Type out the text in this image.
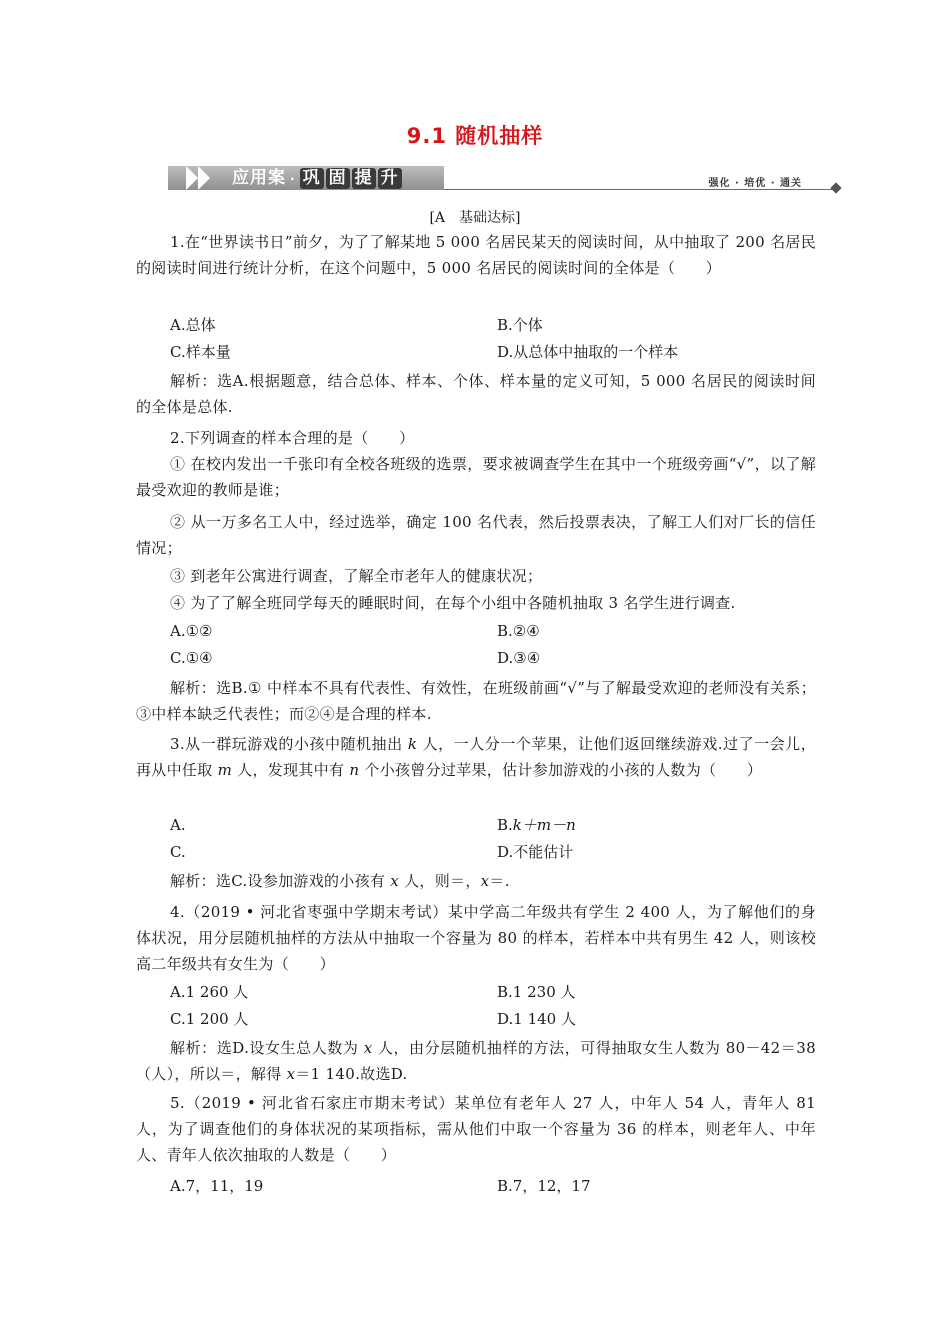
9.1 随机抽样
应用案 · 巩 固 提 升	强化 · 培优 · 通关
[A　基础达标]
1.在“世界读书日”前夕，为了了解某地 5 000 名居民某天的阅读时间，从中抽取了 200 名居民的阅读时间进行统计分析，在这个问题中，5 000 名居民的阅读时间的全体是（　　）
A.总体	B.个体
C.样本量	D.从总体中抽取的一个样本
解析：选A.根据题意，结合总体、样本、个体、样本量的定义可知，5 000 名居民的阅读时间的全体是总体.
2.下列调查的样本合理的是（　　）
① 在校内发出一千张印有全校各班级的选票，要求被调查学生在其中一个班级旁画“√”，以了解最受欢迎的教师是谁；
② 从一万多名工人中，经过选举，确定 100 名代表，然后投票表决，了解工人们对厂长的信任情况；
③ 到老年公寓进行调查，了解全市老年人的健康状况；
④ 为了了解全班同学每天的睡眠时间，在每个小组中各随机抽取 3 名学生进行调查.
A.①②	B.②④
C.①④	D.③④
解析：选B.① 中样本不具有代表性、有效性，在班级前画“√”与了解最受欢迎的老师没有关系；③中样本缺乏代表性；而②④是合理的样本.
3.从一群玩游戏的小孩中随机抽出 k 人，一人分一个苹果，让他们返回继续游戏.过了一会儿，再从中任取 m 人，发现其中有 n 个小孩曾分过苹果，估计参加游戏的小孩的人数为（　　）
A.	B.k＋m－n
C.	D.不能估计
解析：选C.设参加游戏的小孩有 x 人，则＝，x＝.
4.（2019 • 河北省枣强中学期末考试）某中学高二年级共有学生 2 400 人，为了解他们的身体状况，用分层随机抽样的方法从中抽取一个容量为 80 的样本，若样本中共有男生 42 人，则该校高二年级共有女生为（　　）
A.1 260 人	B.1 230 人
C.1 200 人	D.1 140 人
解析：选D.设女生总人数为 x 人，由分层随机抽样的方法，可得抽取女生人数为 80－42＝38（人），所以＝，解得 x＝1 140.故选D.
5.（2019 • 河北省石家庄市期末考试）某单位有老年人 27 人，中年人 54 人，青年人 81 人，为了调查他们的身体状况的某项指标，需从他们中取一个容量为 36 的样本，则老年人、中年人、青年人依次抽取的人数是（　　）
A.7，11，19	B.7，12，17
